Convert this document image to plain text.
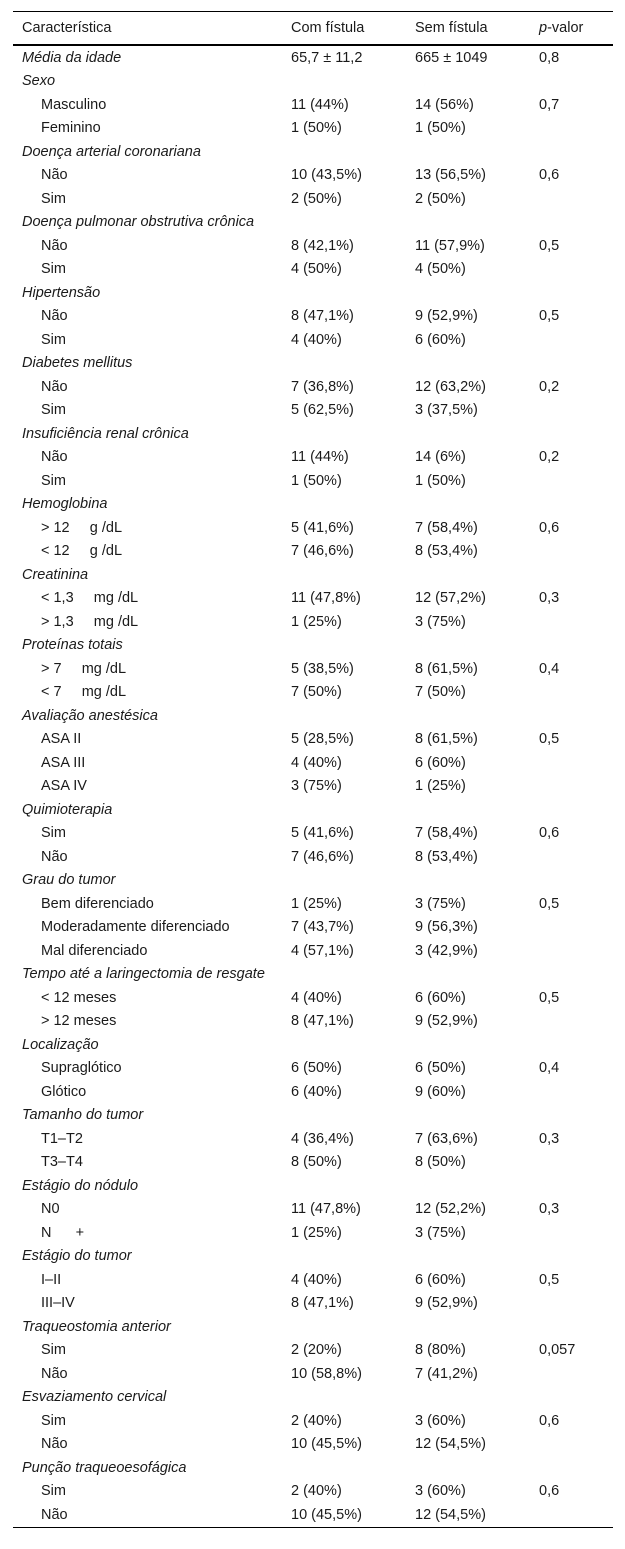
Característica	Com fístula	Sem fístula	p-valor
Média da idade	65,7 ± 11,2	665 ± 1049	0,8
Sexo			
Masculino	11 (44%)	14 (56%)	0,7
Feminino	1 (50%)	1 (50%)	
Doença arterial coronariana			
Não	10 (43,5%)	13 (56,5%)	0,6
Sim	2 (50%)	2 (50%)	
Doença pulmonar obstrutiva crônica			
Não	8 (42,1%)	11 (57,9%)	0,5
Sim	4 (50%)	4 (50%)	
Hipertensão			
Não	8 (47,1%)	9 (52,9%)	0,5
Sim	4 (40%)	6 (60%)	
Diabetes mellitus			
Não	7 (36,8%)	12 (63,2%)	0,2
Sim	5 (62,5%)	3 (37,5%)	
Insuficiência renal crônica			
Não	11 (44%)	14 (6%)	0,2
Sim	1 (50%)	1 (50%)	
Hemoglobina			
> 12     g /dL	5 (41,6%)	7 (58,4%)	0,6
< 12     g /dL	7 (46,6%)	8 (53,4%)	
Creatinina			
< 1,3     mg /dL	11 (47,8%)	12 (57,2%)	0,3
> 1,3     mg /dL	1 (25%)	3 (75%)	
Proteínas totais			
> 7     mg /dL	5 (38,5%)	8 (61,5%)	0,4
< 7     mg /dL	7 (50%)	7 (50%)	
Avaliação anestésica			
ASA II	5 (28,5%)	8 (61,5%)	0,5
ASA III	4 (40%)	6 (60%)	
ASA IV	3 (75%)	1 (25%)	
Quimioterapia			
Sim	5 (41,6%)	7 (58,4%)	0,6
Não	7 (46,6%)	8 (53,4%)	
Grau do tumor			
Bem diferenciado	1 (25%)	3 (75%)	0,5
Moderadamente diferenciado	7 (43,7%)	9 (56,3%)	
Mal diferenciado	4 (57,1%)	3 (42,9%)	
Tempo até a laringectomia de resgate			
< 12 meses	4 (40%)	6 (60%)	0,5
> 12 meses	8 (47,1%)	9 (52,9%)	
Localização			
Supraglótico	6 (50%)	6 (50%)	0,4
Glótico	6 (40%)	9 (60%)	
Tamanho do tumor			
T1–T2	4 (36,4%)	7 (63,6%)	0,3
T3–T4	8 (50%)	8 (50%)	
Estágio do nódulo			
N0	11 (47,8%)	12 (52,2%)	0,3
N      +	1 (25%)	3 (75%)	
Estágio do tumor			
I–II	4 (40%)	6 (60%)	0,5
III–IV	8 (47,1%)	9 (52,9%)	
Traqueostomia anterior			
Sim	2 (20%)	8 (80%)	0,057
Não	10 (58,8%)	7 (41,2%)	
Esvaziamento cervical			
Sim	2 (40%)	3 (60%)	0,6
Não	10 (45,5%)	12 (54,5%)	
Punção traqueoesofágica			
Sim	2 (40%)	3 (60%)	0,6
Não	10 (45,5%)	12 (54,5%)	
